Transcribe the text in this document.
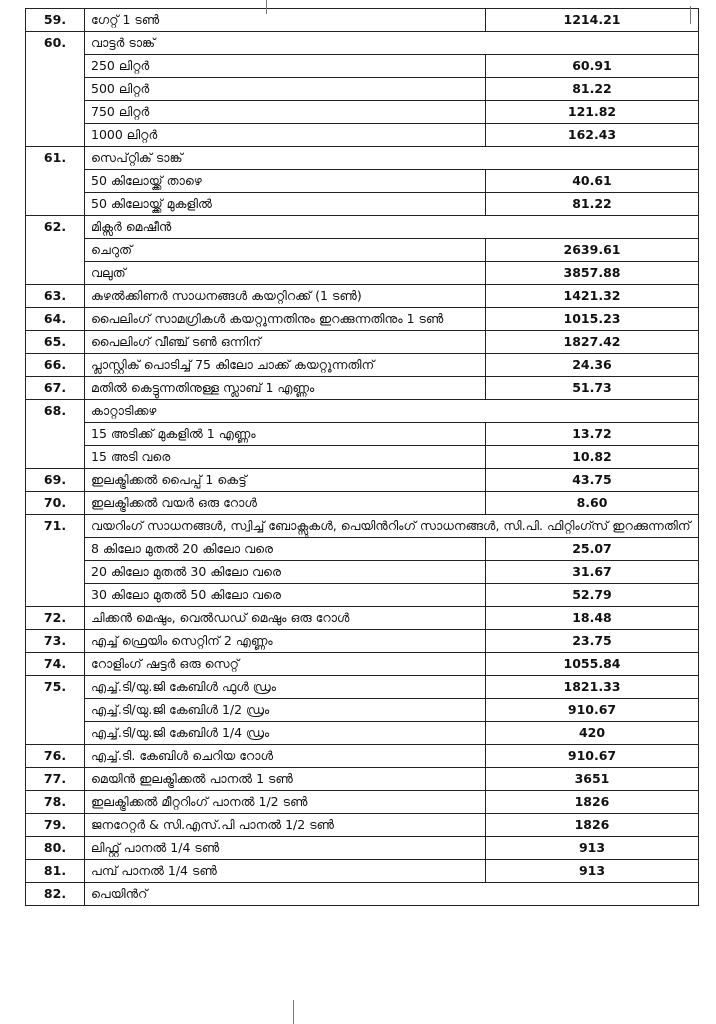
59.	ഗേറ്റ് 1 ടൺ	1214.21
60.	വാട്ടർ ടാങ്ക്	
	250 ലിറ്റർ	60.91
	500 ലിറ്റർ	81.22
	750 ലിറ്റർ	121.82
	1000 ലിറ്റർ	162.43
61.	സെപ്റ്റിക് ടാങ്ക്	
	50 കിലോയ്ക്ക് താഴെ	40.61
	50 കിലോയ്ക്ക് മുകളിൽ	81.22
62.	മിക്സർ മെഷീൻ	
	ചെറുത്	2639.61
	വലുത്	3857.88
63.	കുഴൽക്കിണർ സാധനങ്ങൾ കയറ്റിറക്ക് (1 ടൺ)	1421.32
64.	പൈലിംഗ് സാമഗ്രികൾ കയറ്റുന്നതിനും ഇറക്കുന്നതിനും 1 ടൺ	1015.23
65.	പൈലിംഗ് വീഞ്ച് ടൺ ഒന്നിന്	1827.42
66.	പ്ലാസ്റ്റിക് പൊടിച്ച് 75 കിലോ ചാക്ക് കയറ്റുന്നതിന്	24.36
67.	മതിൽ കെട്ടുന്നതിനുള്ള സ്ലാബ് 1 എണ്ണം	51.73
68.	കാറ്റാടിക്കഴ	
	15 അടിക്ക് മുകളിൽ 1 എണ്ണം	13.72
	15 അടി വരെ	10.82
69.	ഇലക്ട്രിക്കൽ പൈപ്പ് 1 കെട്ട്	43.75
70.	ഇലക്ട്രിക്കൽ വയർ ഒരു റോൾ	8.60
71.	വയറിംഗ് സാധനങ്ങൾ, സ്വിച്ച് ബോക്സുകൾ, പെയിൻറിംഗ് സാധനങ്ങൾ, സി.പി. ഫിറ്റിംഗ്സ് ഇറക്കുന്നതിന്	
	8 കിലോ മുതൽ 20 കിലോ വരെ	25.07
	20 കിലോ മുതൽ 30 കിലോ വരെ	31.67
	30 കിലോ മുതൽ 50 കിലോ വരെ	52.79
72.	ചിക്കൻ മെഷും, വെൽഡഡ് മെഷും ഒരു റോൾ	18.48
73.	എച്ച് ഫ്രെയിം സെറ്റിന് 2 എണ്ണം	23.75
74.	റോളിംഗ് ഷട്ടർ ഒരു സെറ്റ്	1055.84
75.	എച്ച്.ടി/യു.ജി കേബിൾ ഫുൾ ഡ്രം	1821.33
	എച്ച്.ടി/യു.ജി കേബിൾ 1/2 ഡ്രം	910.67
	എച്ച്.ടി/യു.ജി കേബിൾ 1/4 ഡ്രം	420
76.	എച്ച്.ടി. കേബിൾ ചെറിയ റോൾ	910.67
77.	മെയിൻ ഇലക്ട്രിക്കൽ പാനൽ 1 ടൺ	3651
78.	ഇലക്ട്രിക്കൽ മീറ്ററിംഗ് പാനൽ 1/2 ടൺ	1826
79.	ജനറേറ്റർ & സി.എസ്.പി പാനൽ 1/2 ടൺ	1826
80.	ലിഫ്റ്റ് പാനൽ 1/4 ടൺ	913
81.	പമ്പ് പാനൽ 1/4 ടൺ	913
82.	പെയിൻറ്	
